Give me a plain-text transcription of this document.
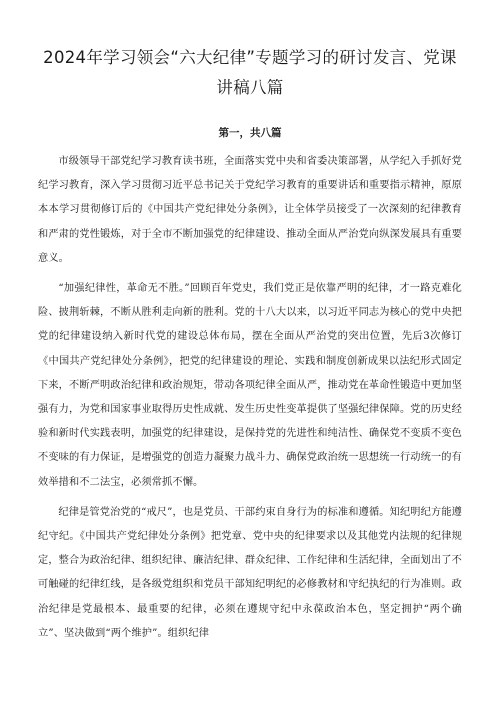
2024年学习领会“六大纪律”专题学习的研讨发言、党课讲稿八篇
第一，共八篇

市级领导干部党纪学习教育读书班，全面落实党中央和省委决策部署，从学纪入手抓好党纪学习教育，深入学习贯彻习近平总书记关于党纪学习教育的重要讲话和重要指示精神，原原本本学习贯彻修订后的《中国共产党纪律处分条例》，让全体学员接受了一次深刻的纪律教育和严肃的党性锻炼，对于全市不断加强党的纪律建设、推动全面从严治党向纵深发展具有重要意义。

“加强纪律性，革命无不胜。”回顾百年党史，我们党正是依靠严明的纪律，才一路克难化险、披荆斩棘，不断从胜利走向新的胜利。党的十八大以来，以习近平同志为核心的党中央把党的纪律建设纳入新时代党的建设总体布局，摆在全面从严治党的突出位置，先后3次修订《中国共产党纪律处分条例》，把党的纪律建设的理论、实践和制度创新成果以法纪形式固定下来，不断严明政治纪律和政治规矩，带动各项纪律全面从严，推动党在革命性锻造中更加坚强有力，为党和国家事业取得历史性成就、发生历史性变革提供了坚强纪律保障。党的历史经验和新时代实践表明，加强党的纪律建设，是保持党的先进性和纯洁性、确保党不变质不变色不变味的有力保证，是增强党的创造力凝聚力战斗力、确保党政治统一思想统一行动统一的有效举措和不二法宝，必须常抓不懈。

纪律是管党治党的“戒尺”，也是党员、干部约束自身行为的标准和遵循。知纪明纪方能遵纪守纪。《中国共产党纪律处分条例》把党章、党中央的纪律要求以及其他党内法规的纪律规定，整合为政治纪律、组织纪律、廉洁纪律、群众纪律、工作纪律和生活纪律，全面划出了不可触碰的纪律红线，是各级党组织和党员干部知纪明纪的必修教材和守纪执纪的行为准则。政治纪律是党最根本、最重要的纪律，必须在遵规守纪中永葆政治本色，坚定拥护“两个确立”、坚决做到“两个维护”。组织纪律
